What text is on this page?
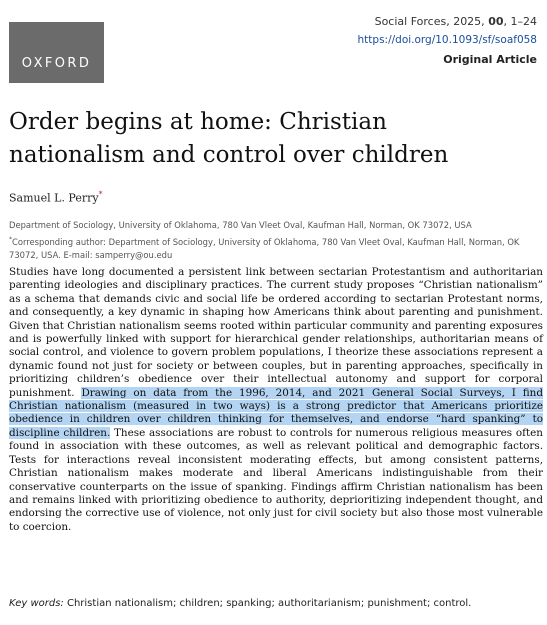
OXFORD
Social Forces, 2025, 00, 1–24
https://doi.org/10.1093/sf/soaf058
Original Article
Order begins at home: Christian nationalism and control over children
Samuel L. Perry*
Department of Sociology, University of Oklahoma, 780 Van Vleet Oval, Kaufman Hall, Norman, OK 73072, USA
*Corresponding author: Department of Sociology, University of Oklahoma, 780 Van Vleet Oval, Kaufman Hall, Norman, OK 73072, USA. E-mail: samperry@ou.edu

Studies have long documented a persistent link between sectarian Protestantism and authoritarian parenting ideologies and disciplinary practices. The current study proposes “Christian nationalism” as a schema that demands civic and social life be ordered according to sectarian Protestant norms, and consequently, a key dynamic in shaping how Americans think about parenting and punishment. Given that Christian nationalism seems rooted within particular community and parenting exposures and is powerfully linked with support for hierarchical gender relationships, authoritarian means of social control, and violence to govern problem populations, I theorize these associations represent a dynamic found not just for society or between couples, but in parenting approaches, specifically in prioritizing children’s obedience over their intellectual autonomy and support for corporal punishment. Drawing on data from the 1996, 2014, and 2021 General Social Surveys, I find Christian nationalism (measured in two ways) is a strong predictor that Americans prioritize obedience in children over children thinking for themselves, and endorse “hard spanking” to discipline children. These associations are robust to controls for numerous religious measures often found in association with these outcomes, as well as relevant political and demographic factors. Tests for interactions reveal inconsistent moderating effects, but among consistent patterns, Christian nationalism makes moderate and liberal Americans indistinguishable from their conservative counterparts on the issue of spanking. Findings affirm Christian nationalism has been and remains linked with prioritizing obedience to authority, deprioritizing independent thought, and endorsing the corrective use of violence, not only just for civil society but also those most vulnerable to coercion.

Key words: Christian nationalism; children; spanking; authoritarianism; punishment; control.
